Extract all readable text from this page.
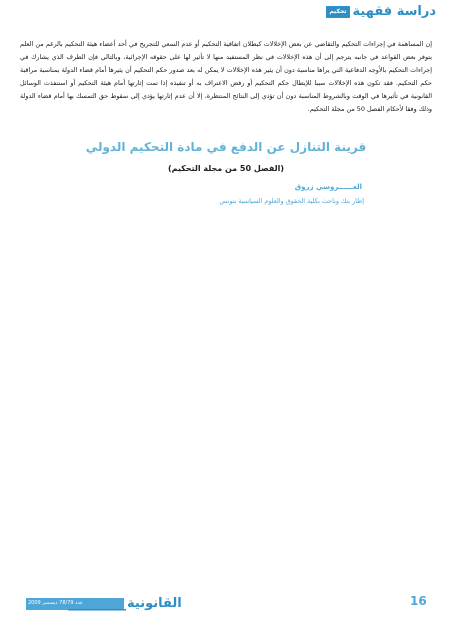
دراسة فقهية
تحكيم
إن المساهمة في إجراءات التحكيم والتقاضي عن بعض الإخلالات كبطلان اتفاقية التحكيم أو عدم السعي للتجريح في أحد أعضاء هيئة التحكيم بالرغم من العلم بتوفر بعض القواعد في جانبه يترجم إلى أن هذه الإخلالات في نظر المستفيد منها لا تأثير لها على حقوقه الإجرائية، وبالتالي فإن الطرف الذي يشارك في إجراءات التحكيم بالأوجه الدفاعية التي يراها مناسبة دون أن يثير هذه الإخلالات لا يمكن له بعد صدور حكم التحكيم أن يثيرها أمام قضاء الدولة بمناسبة مراقبة حكم التحكيم. فقد تكون هذه الإخلالات سببا للإبطال حكم التحكيم أو رفض الاعتراف به أو تنفيذه إذا تمت إثارتها أمام هيئة التحكيم أو استنفذت الوسائل القانونية في تأثيرها في الوقت وبالشروط المناسبة دون أن تؤدي إلى النتائج المنتظرة، إلا أن عدم إثارتها يؤدي إلى سقوط حق التمسك بها أمام قضاء الدولة وذلك وفقا لأحكام الفصل 50 من مجلة التحكيم.
قرينة التنازل عن الدفع في مادة التحكيم الدولي
(الفصل 50 من مجلة التحكيم)
العــــــروسي زروق
إطار بنك وباحث بكلية الحقوق والعلوم السياسية بتونس
عدد 78/79 ديسمبر 2009	القانونية	16
